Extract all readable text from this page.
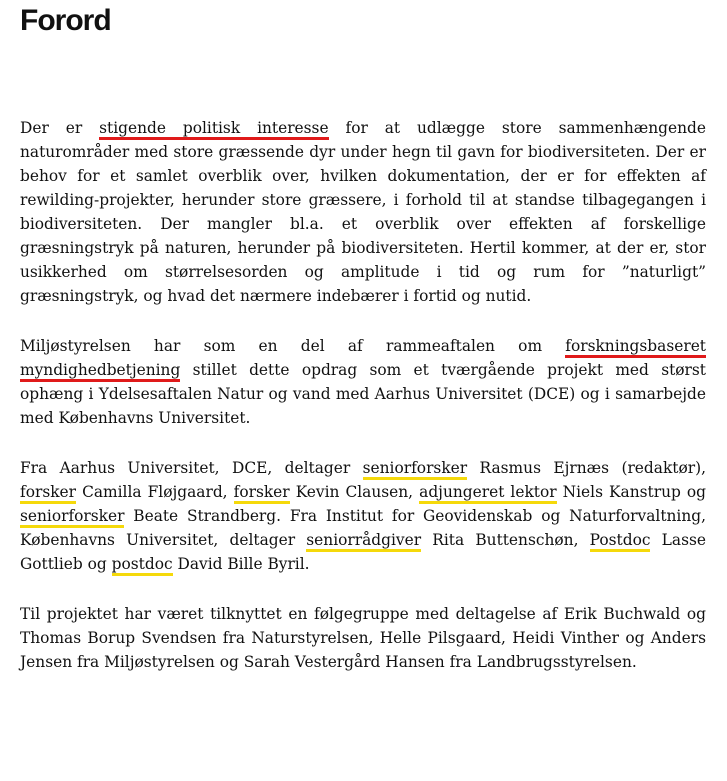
Forord

Der er stigende politisk interesse for at udlægge store sammenhængende naturområder med store græssende dyr under hegn til gavn for biodiversiteten. Der er behov for et samlet overblik over, hvilken dokumentation, der er for effekten af rewilding-projekter, herunder store græssere, i forhold til at standse tilbagegangen i biodiversiteten. Der mangler bl.a. et overblik over effekten af forskellige græsningstryk på naturen, herunder på biodiversiteten. Hertil kommer, at der er, stor usikkerhed om størrelsesorden og amplitude i tid og rum for ”naturligt” græsningstryk, og hvad det nærmere indebærer i fortid og nutid.

Miljøstyrelsen har som en del af rammeaftalen om forskningsbaseret myndighedbetjening stillet dette opdrag som et tværgående projekt med størst ophæng i Ydelsesaftalen Natur og vand med Aarhus Universitet (DCE) og i samarbejde med Københavns Universitet.

Fra Aarhus Universitet, DCE, deltager seniorforsker Rasmus Ejrnæs (redaktør), forsker Camilla Fløjgaard, forsker Kevin Clausen, adjungeret lektor Niels Kanstrup og seniorforsker Beate Strandberg. Fra Institut for Geovidenskab og Naturforvaltning, Københavns Universitet, deltager seniorrådgiver Rita Buttenschøn, Postdoc Lasse Gottlieb og postdoc David Bille Byril.

Til projektet har været tilknyttet en følgegruppe med deltagelse af Erik Buchwald og Thomas Borup Svendsen fra Naturstyrelsen, Helle Pilsgaard, Heidi Vinther og Anders Jensen fra Miljøstyrelsen og Sarah Vestergård Hansen fra Landbrugsstyrelsen.
